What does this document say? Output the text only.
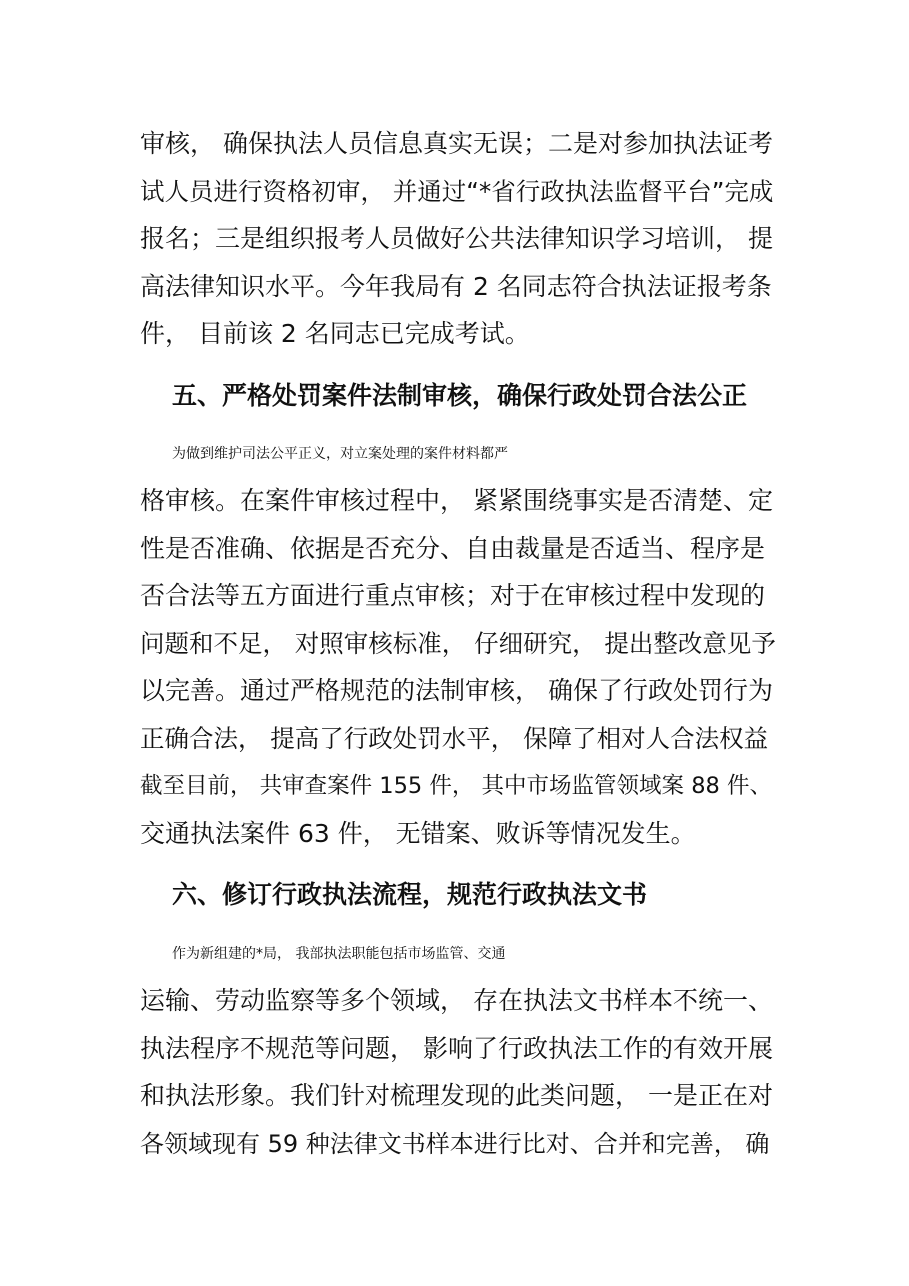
审核， 确保执法人员信息真实无误；二是对参加执法证考
试人员进行资格初审， 并通过“*省行政执法监督平台”完成
报名；三是组织报考人员做好公共法律知识学习培训， 提
高法律知识水平。今年我局有 2 名同志符合执法证报考条
件， 目前该 2 名同志已完成考试。
五、严格处罚案件法制审核，确保行政处罚合法公正
为做到维护司法公平正义，对立案处理的案件材料都严
格审核。在案件审核过程中， 紧紧围绕事实是否清楚、定
性是否准确、依据是否充分、自由裁量是否适当、程序是
否合法等五方面进行重点审核；对于在审核过程中发现的
问题和不足， 对照审核标准， 仔细研究， 提出整改意见予
以完善。通过严格规范的法制审核， 确保了行政处罚行为
正确合法， 提高了行政处罚水平， 保障了相对人合法权益
截至目前， 共审查案件 155 件， 其中市场监管领域案 88 件、
交通执法案件 63 件， 无错案、败诉等情况发生。
六、修订行政执法流程，规范行政执法文书
作为新组建的*局， 我部执法职能包括市场监管、交通
运输、劳动监察等多个领域， 存在执法文书样本不统一、
执法程序不规范等问题， 影响了行政执法工作的有效开展
和执法形象。我们针对梳理发现的此类问题， 一是正在对
各领域现有 59 种法律文书样本进行比对、合并和完善， 确
